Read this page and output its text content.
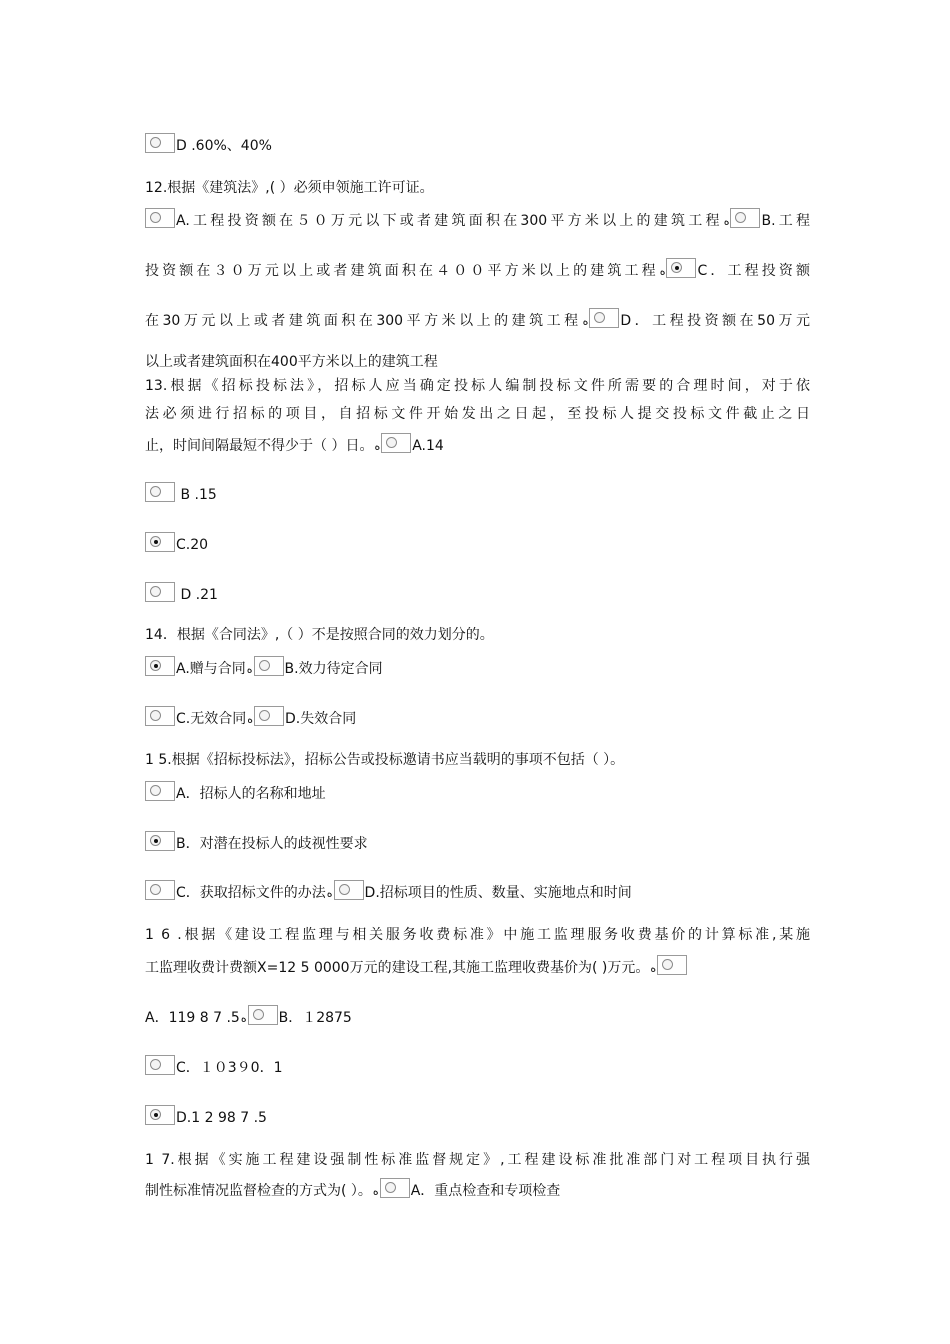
D .60%、40%
12.根据《建筑法》,( ）必须申领施工许可证。
A.工程投资额在５０万元以下或者建筑面积在300平方米以上的建筑工程ﻩ B.工程
投资额在３０万元以上或者建筑面积在４００平方米以上的建筑工程ﻩ C．工程投资额
在30万元以上或者建筑面积在300平方米以上的建筑工程ﻩ D．工程投资额在50万元
以上或者建筑面积在400平方米以上的建筑工程
13.根据《招标投标法》，招标人应当确定投标人编制投标文件所需要的合理时间，对于依
法必须进行招标的项目，自招标文件开始发出之日起，至投标人提交投标文件截止之日
止，时间间隔最短不得少于（ ）日。ﻩ A.14
B .15
C.20
D .21
14．根据《合同法》,（ ）不是按照合同的效力划分的。
A.赠与合同ﻩ B.效力待定合同
C.无效合同ﻩ D.失效合同
1 5.根据《招标投标法》，招标公告或投标邀请书应当载明的事项不包括（ ）。
A．招标人的名称和地址
B．对潜在投标人的歧视性要求
C．获取招标文件的办法ﻩ D.招标项目的性质、数量、实施地点和时间
1 6 .根据《建设工程监理与相关服务收费标准》中施工监理服务收费基价的计算标准,某施
工监理收费计费额X=12 5 0000万元的建设工程,其施工监理收费基价为( )万元。ﻩ
A．119 8 7 .5ﻩ B．１2875
C．１０3９0．1
D.1 2 98 7 .5
1 7.根据《实施工程建设强制性标准监督规定》,工程建设标准批准部门对工程项目执行强
制性标准情况监督检查的方式为( ）。ﻩ A．重点检查和专项检查
